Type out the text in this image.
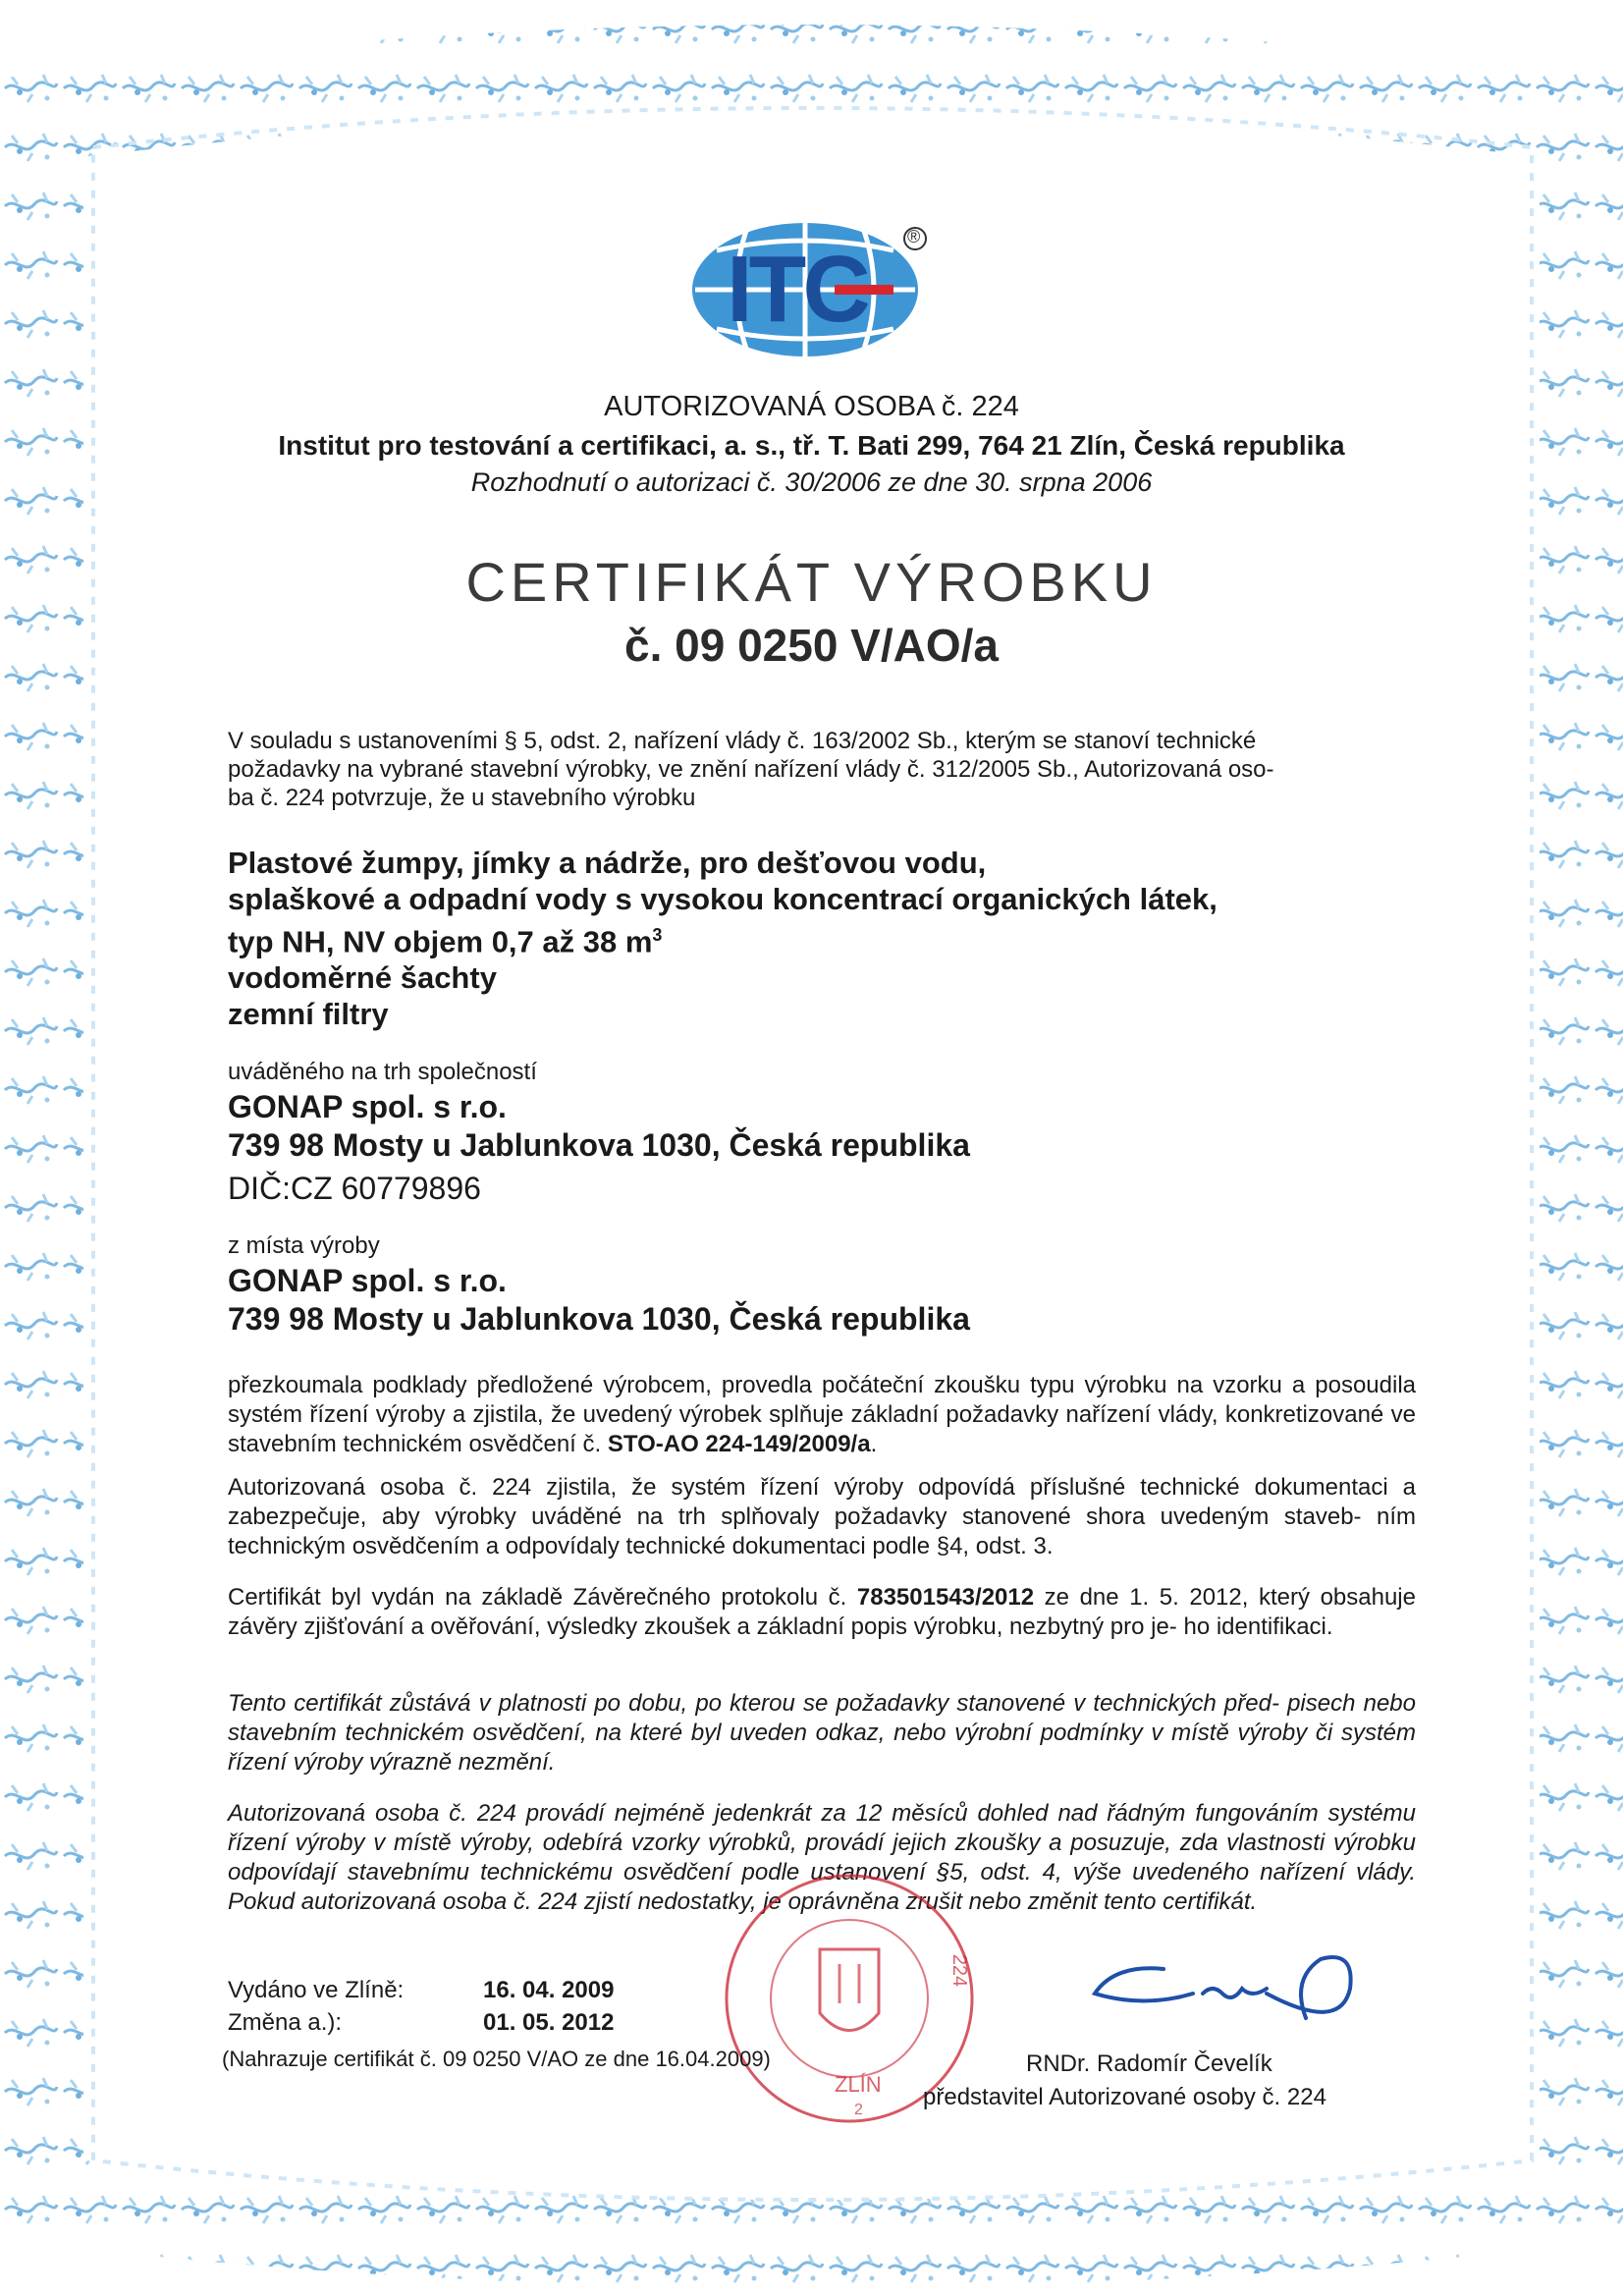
ITC ®
AUTORIZOVANÁ OSOBA č. 224
Institut pro testování a certifikaci, a. s., tř. T. Bati 299, 764 21 Zlín, Česká republika
Rozhodnutí o autorizaci č. 30/2006 ze dne 30. srpna 2006
CERTIFIKÁT VÝROBKU
č. 09 0250 V/AO/a
V souladu s ustanoveními § 5, odst. 2, nařízení vlády č. 163/2002 Sb., kterým se stanoví technické
požadavky na vybrané stavební výrobky, ve znění nařízení vlády č. 312/2005 Sb., Autorizovaná oso-
ba č. 224 potvrzuje, že u stavebního výrobku
Plastové žumpy, jímky a nádrže, pro dešťovou vodu,
splaškové a odpadní vody s vysokou koncentrací organických látek,
typ NH, NV objem 0,7 až 38 $m^3$
vodoměrné šachty
zemní filtry
uváděného na trh společností
GONAP spol. s r.o.
739 98 Mosty u Jablunkova 1030, Česká republika
DIČ:CZ 60779896
z místa výroby
GONAP spol. s r.o.
739 98 Mosty u Jablunkova 1030, Česká republika
přezkoumala podklady předložené výrobcem, provedla počáteční zkoušku typu výrobku na vzorku a posoudila systém řízení výroby a zjistila, že uvedený výrobek splňuje základní požadavky nařízení vlády, konkretizované ve stavebním technickém osvědčení č. STO-AO 224-149/2009/a.
Autorizovaná osoba č. 224 zjistila, že systém řízení výroby odpovídá příslušné technické dokumentaci a zabezpečuje, aby výrobky uváděné na trh splňovaly požadavky stanovené shora uvedeným staveb- ním technickým osvědčením a odpovídaly technické dokumentaci podle §4, odst. 3.
Certifikát byl vydán na základě Závěrečného protokolu č. 783501543/2012 ze dne 1. 5. 2012, který obsahuje závěry zjišťování a ověřování, výsledky zkoušek a základní popis výrobku, nezbytný pro je- ho identifikaci.
Tento certifikát zůstává v platnosti po dobu, po kterou se požadavky stanovené v technických před- pisech nebo stavebním technickém osvědčení, na které byl uveden odkaz, nebo výrobní podmínky v místě výroby či systém řízení výroby výrazně nezmění.
Autorizovaná osoba č. 224 provádí nejméně jedenkrát za 12 měsíců dohled nad řádným fungováním systému řízení výroby v místě výroby, odebírá vzorky výrobků, provádí jejich zkoušky a posuzuje, zda vlastnosti výrobku odpovídají stavebnímu technickému osvědčení podle ustanovení §5, odst. 4, výše uvedeného nařízení vlády. Pokud autorizovaná osoba č. 224 zjistí nedostatky, je oprávněna zrušit nebo změnit tento certifikát.
224
ZLÍN
2
Vydáno ve Zlíně:	16. 04. 2009
Změna a.):	01. 05. 2012
(Nahrazuje certifikát č. 09 0250 V/AO ze dne 16.04.2009)	RNDr. Radomír Čevelík
představitel Autorizované osoby č. 224
